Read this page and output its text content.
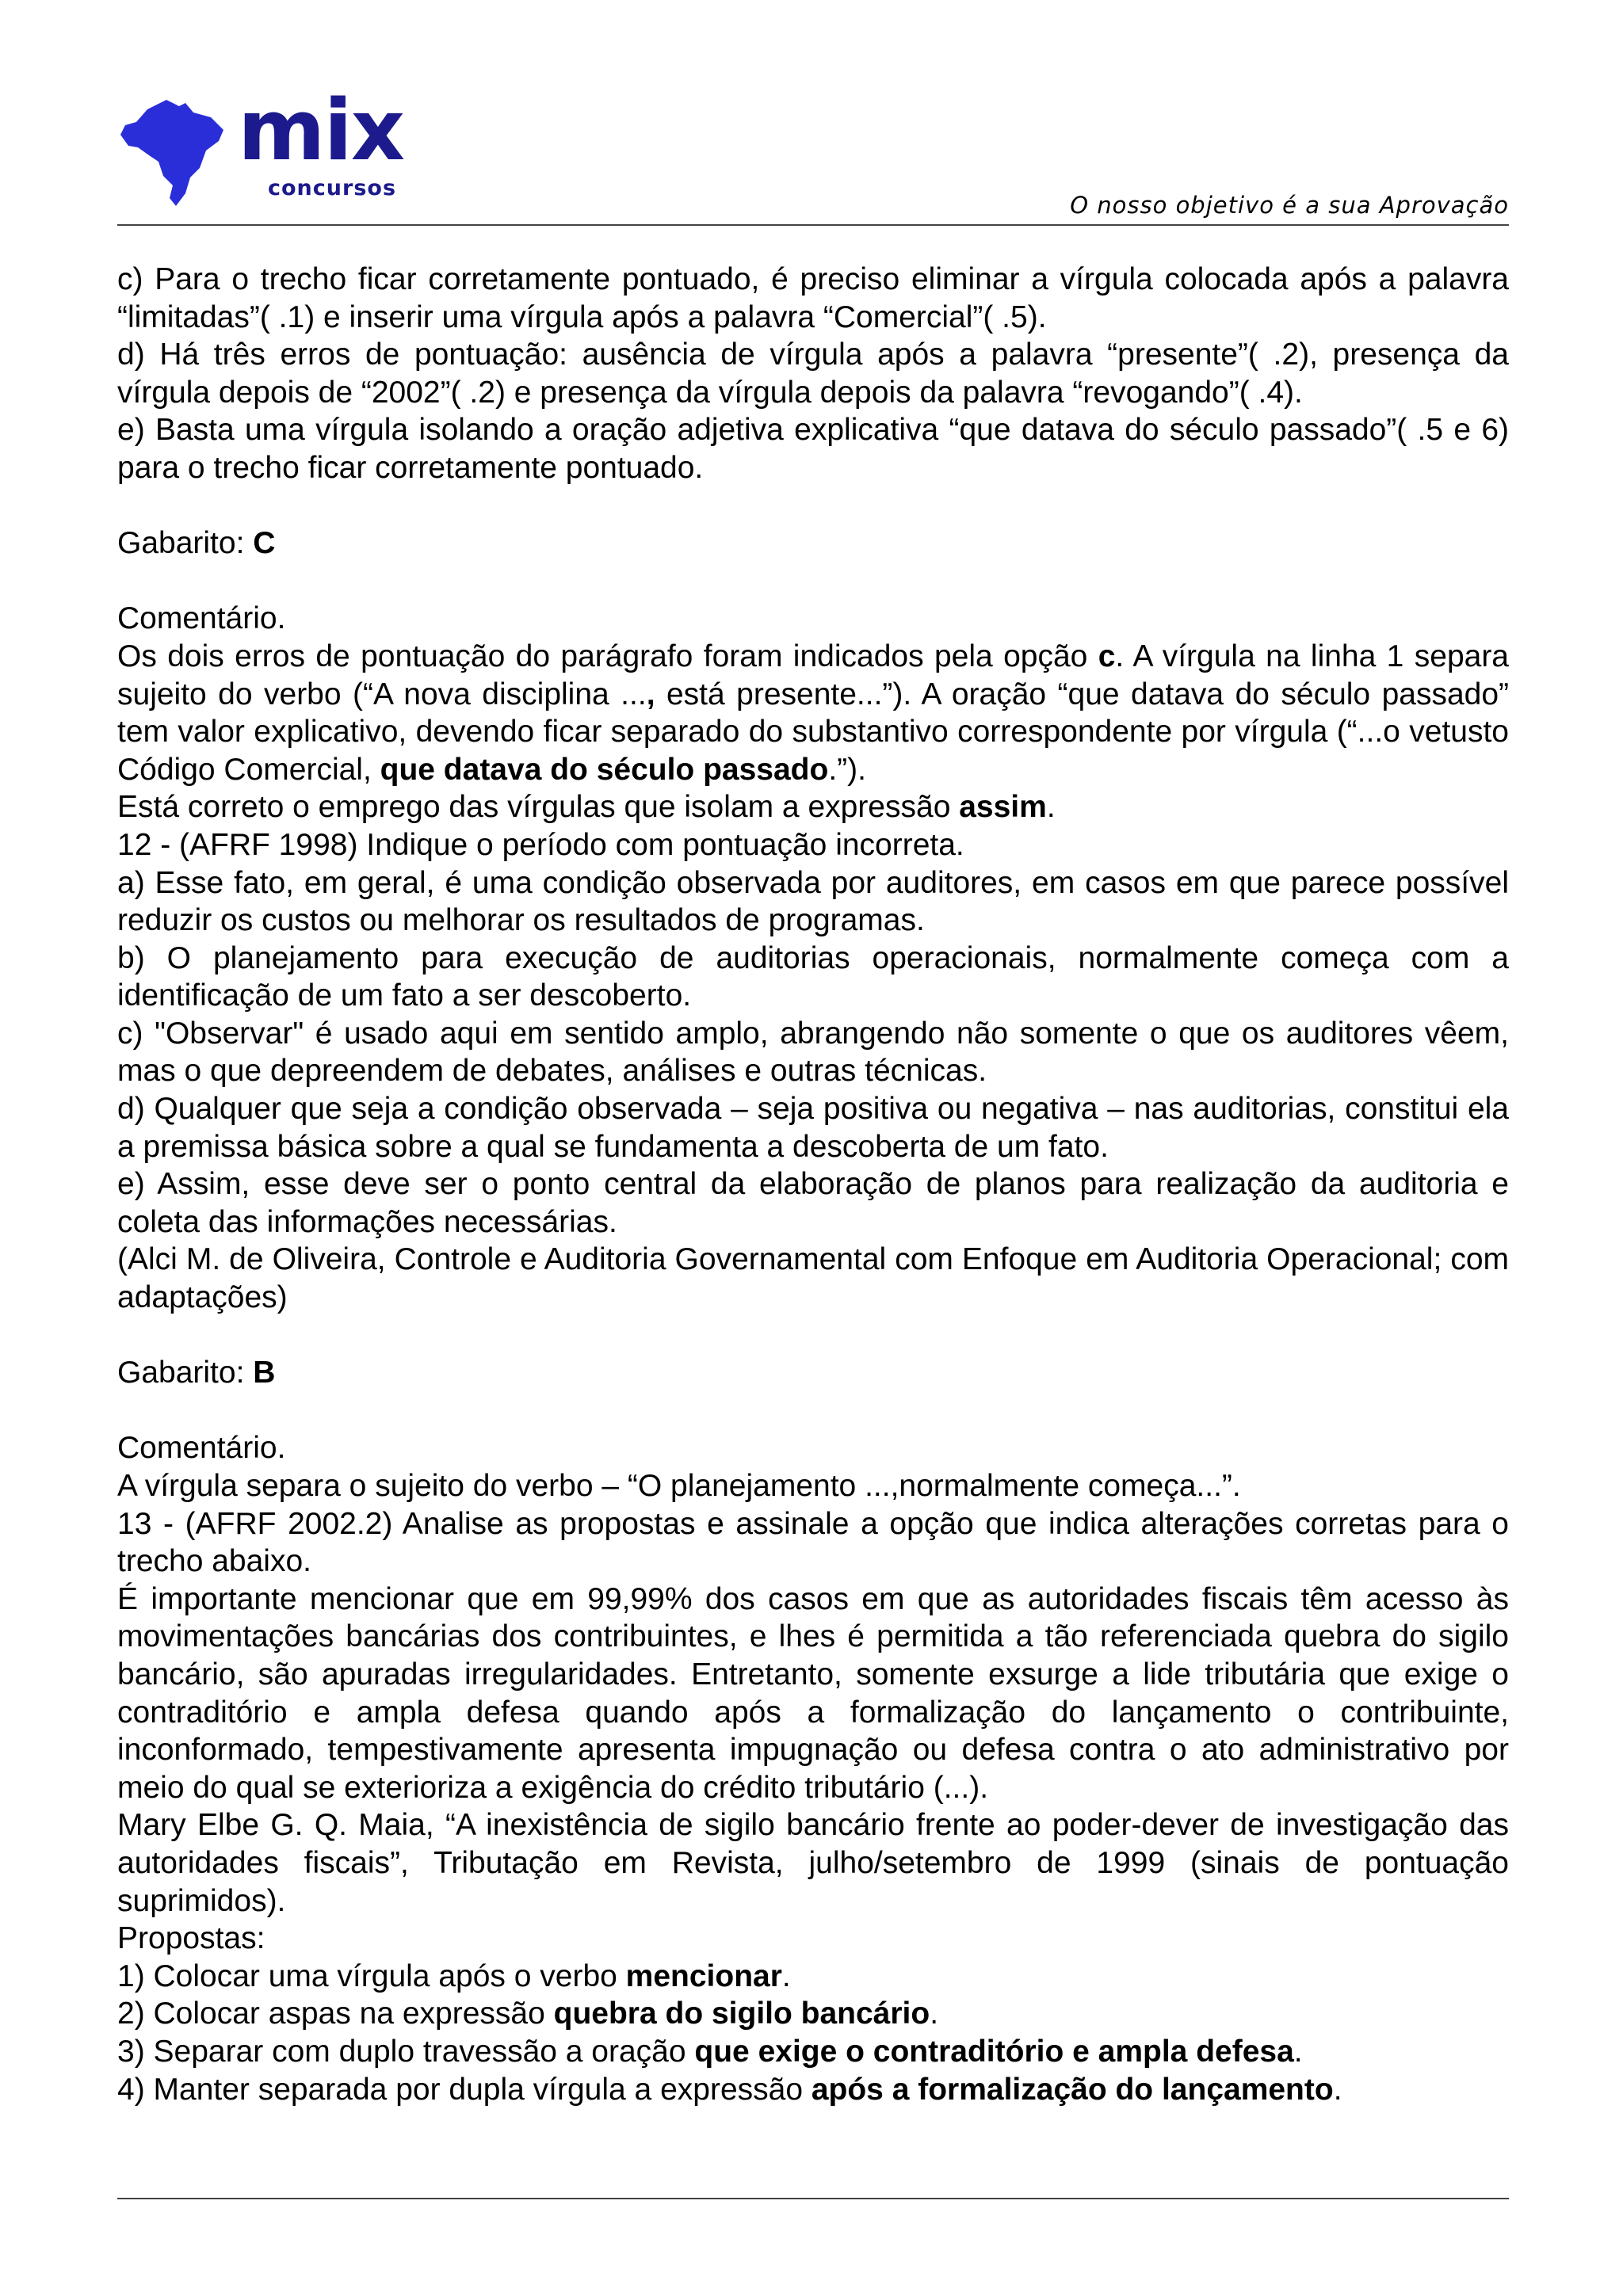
mix
concursos
O nosso objetivo é a sua Aprovação

c) Para o trecho ficar corretamente pontuado, é preciso eliminar a vírgula colocada após a palavra “limitadas”( .1) e inserir uma vírgula após a palavra “Comercial”( .5).

d) Há três erros de pontuação: ausência de vírgula após a palavra “presente”( .2), presença da vírgula depois de “2002”( .2) e presença da vírgula depois da palavra “revogando”( .4).

e) Basta uma vírgula isolando a oração adjetiva explicativa “que datava do século passado”( .5 e 6) para o trecho ficar corretamente pontuado.

Gabarito: C

Comentário.

Os dois erros de pontuação do parágrafo foram indicados pela opção c. A vírgula na linha 1 separa sujeito do verbo (“A nova disciplina ..., está presente...”). A oração “que datava do século passado” tem valor explicativo, devendo ficar separado do substantivo correspondente por vírgula (“...o vetusto Código Comercial, que datava do século passado.”).

Está correto o emprego das vírgulas que isolam a expressão assim.

12 - (AFRF 1998) Indique o período com pontuação incorreta.

a) Esse fato, em geral, é uma condição observada por auditores, em casos em que parece possível reduzir os custos ou melhorar os resultados de programas.

b) O planejamento para execução de auditorias operacionais, normalmente começa com a identificação de um fato a ser descoberto.

c) "Observar" é usado aqui em sentido amplo, abrangendo não somente o que os auditores vêem, mas o que depreendem de debates, análises e outras técnicas.

d) Qualquer que seja a condição observada – seja positiva ou negativa – nas auditorias, constitui ela a premissa básica sobre a qual se fundamenta a descoberta de um fato.

e) Assim, esse deve ser o ponto central da elaboração de planos para realização da auditoria e coleta das informações necessárias.

(Alci M. de Oliveira, Controle e Auditoria Governamental com Enfoque em Auditoria Operacional; com adaptações)

Gabarito: B

Comentário.

A vírgula separa o sujeito do verbo – “O planejamento ...,normalmente começa...”.

13 - (AFRF 2002.2) Analise as propostas e assinale a opção que indica alterações corretas para o trecho abaixo.

É importante mencionar que em 99,99% dos casos em que as autoridades fiscais têm acesso às movimentações bancárias dos contribuintes, e lhes é permitida a tão referenciada quebra do sigilo bancário, são apuradas irregularidades. Entretanto, somente exsurge a lide tributária que exige o contraditório e ampla defesa quando após a formalização do lançamento o contribuinte, inconformado, tempestivamente apresenta impugnação ou defesa contra o ato administrativo por meio do qual se exterioriza a exigência do crédito tributário (...).

Mary Elbe G. Q. Maia, “A inexistência de sigilo bancário frente ao poder-dever de investigação das autoridades fiscais”, Tributação em Revista, julho/setembro de 1999 (sinais de pontuação suprimidos).

Propostas:

1) Colocar uma vírgula após o verbo mencionar.

2) Colocar aspas na expressão quebra do sigilo bancário.

3) Separar com duplo travessão a oração que exige o contraditório e ampla defesa.

4) Manter separada por dupla vírgula a expressão após a formalização do lançamento.
